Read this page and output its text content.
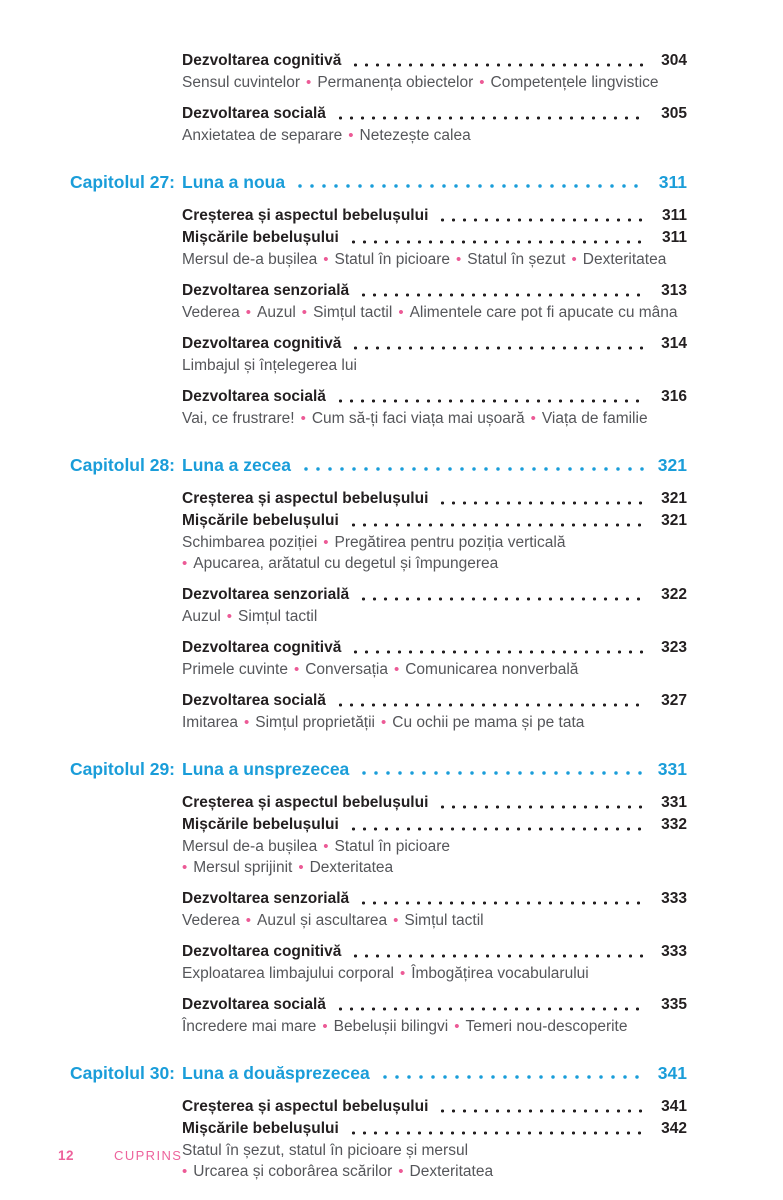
Dezvoltarea cognitivă	304
Sensul cuvintelor • Permanența obiectelor • Competențele lingvistice
Dezvoltarea socială	305
Anxietatea de separare • Netezește calea
Capitolul 27: Luna a noua	311
Creșterea și aspectul bebelușului	311
Mișcările bebelușului	311
Mersul de-a bușilea • Statul în picioare • Statul în șezut • Dexteritatea
Dezvoltarea senzorială	313
Vederea • Auzul • Simțul tactil • Alimentele care pot fi apucate cu mâna
Dezvoltarea cognitivă	314
Limbajul și înțelegerea lui
Dezvoltarea socială	316
Vai, ce frustrare! • Cum să-ți faci viața mai ușoară • Viața de familie
Capitolul 28: Luna a zecea	321
Creșterea și aspectul bebelușului	321
Mișcările bebelușului	321
Schimbarea poziției • Pregătirea pentru poziția verticală
• Apucarea, arătatul cu degetul și împungerea
Dezvoltarea senzorială	322
Auzul • Simțul tactil
Dezvoltarea cognitivă	323
Primele cuvinte • Conversația • Comunicarea nonverbală
Dezvoltarea socială	327
Imitarea • Simțul proprietății • Cu ochii pe mama și pe tata
Capitolul 29: Luna a unsprezecea	331
Creșterea și aspectul bebelușului	331
Mișcările bebelușului	332
Mersul de-a bușilea • Statul în picioare
• Mersul sprijinit • Dexteritatea
Dezvoltarea senzorială	333
Vederea • Auzul și ascultarea • Simțul tactil
Dezvoltarea cognitivă	333
Exploatarea limbajului corporal • Îmbogățirea vocabularului
Dezvoltarea socială	335
Încredere mai mare • Bebelușii bilingvi • Temeri nou-descoperite
Capitolul 30: Luna a douăsprezecea	341
Creșterea și aspectul bebelușului	341
Mișcările bebelușului	342
Statul în șezut, statul în picioare și mersul
• Urcarea și coborârea scărilor • Dexteritatea
12	CUPRINS
